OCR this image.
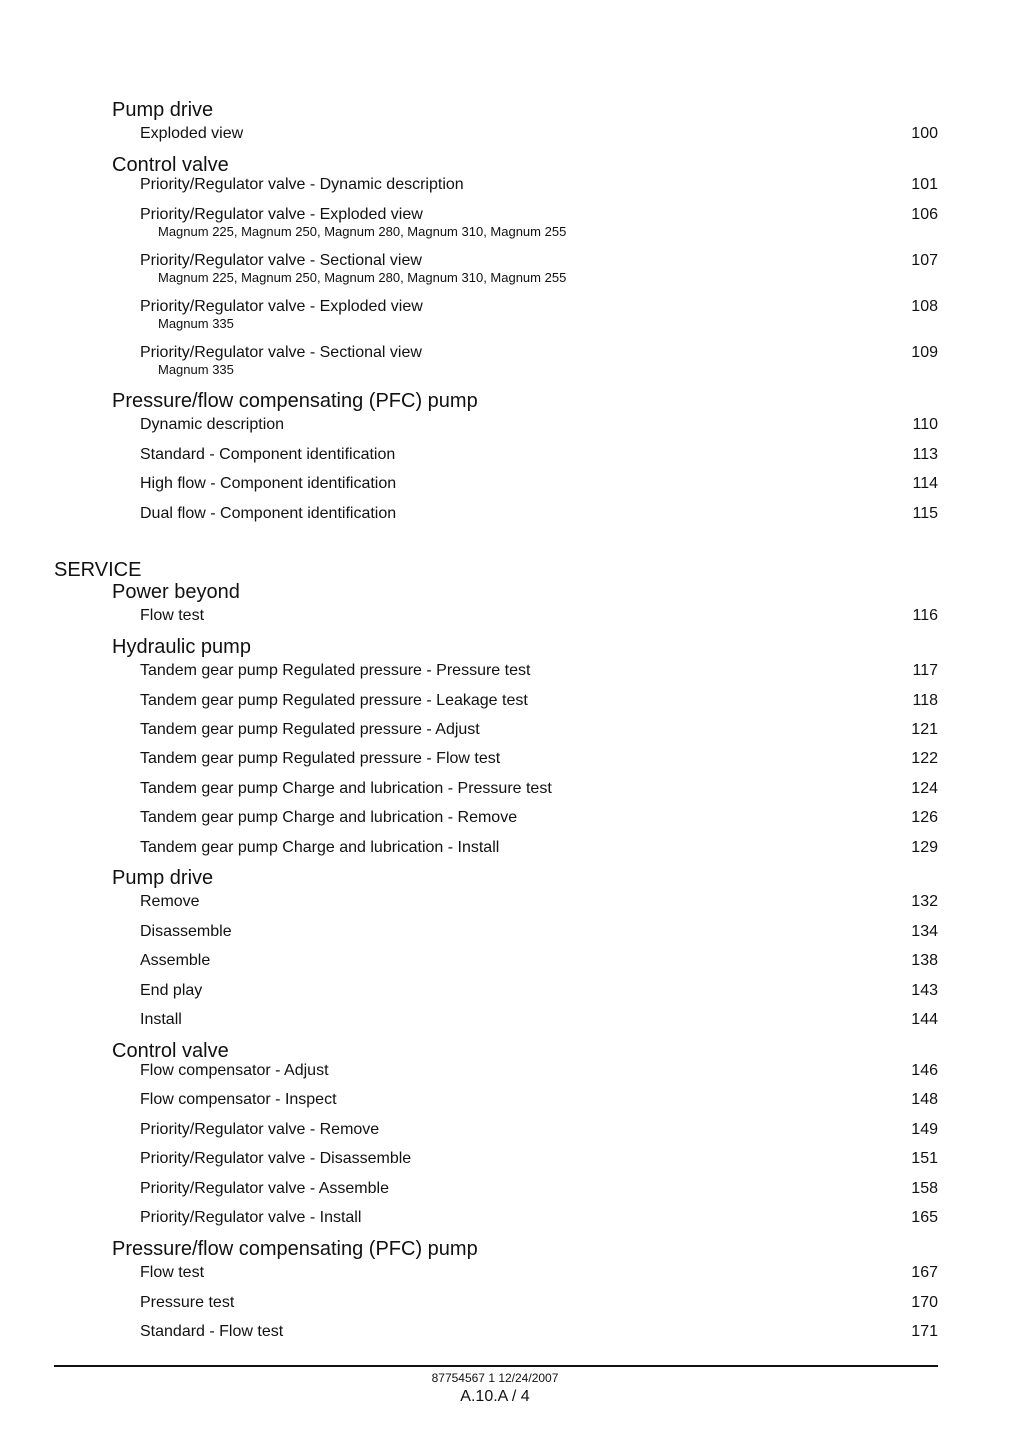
Pump drive
Exploded view	100
Control valve
Priority/Regulator valve - Dynamic description	101
Priority/Regulator valve - Exploded view	106
Magnum 225, Magnum 250, Magnum 280, Magnum 310, Magnum 255
Priority/Regulator valve - Sectional view	107
Magnum 225, Magnum 250, Magnum 280, Magnum 310, Magnum 255
Priority/Regulator valve - Exploded view	108
Magnum 335
Priority/Regulator valve - Sectional view	109
Magnum 335
Pressure/flow compensating (PFC) pump
Dynamic description	110
Standard - Component identification	113
High flow - Component identification	114
Dual flow - Component identification	115
SERVICE
Power beyond
Flow test	116
Hydraulic pump
Tandem gear pump Regulated pressure - Pressure test	117
Tandem gear pump Regulated pressure - Leakage test	118
Tandem gear pump Regulated pressure - Adjust	121
Tandem gear pump Regulated pressure - Flow test	122
Tandem gear pump Charge and lubrication - Pressure test	124
Tandem gear pump Charge and lubrication - Remove	126
Tandem gear pump Charge and lubrication - Install	129
Pump drive
Remove	132
Disassemble	134
Assemble	138
End play	143
Install	144
Control valve
Flow compensator - Adjust	146
Flow compensator - Inspect	148
Priority/Regulator valve - Remove	149
Priority/Regulator valve - Disassemble	151
Priority/Regulator valve - Assemble	158
Priority/Regulator valve - Install	165
Pressure/flow compensating (PFC) pump
Flow test	167
Pressure test	170
Standard - Flow test	171
87754567 1 12/24/2007
A.10.A / 4
